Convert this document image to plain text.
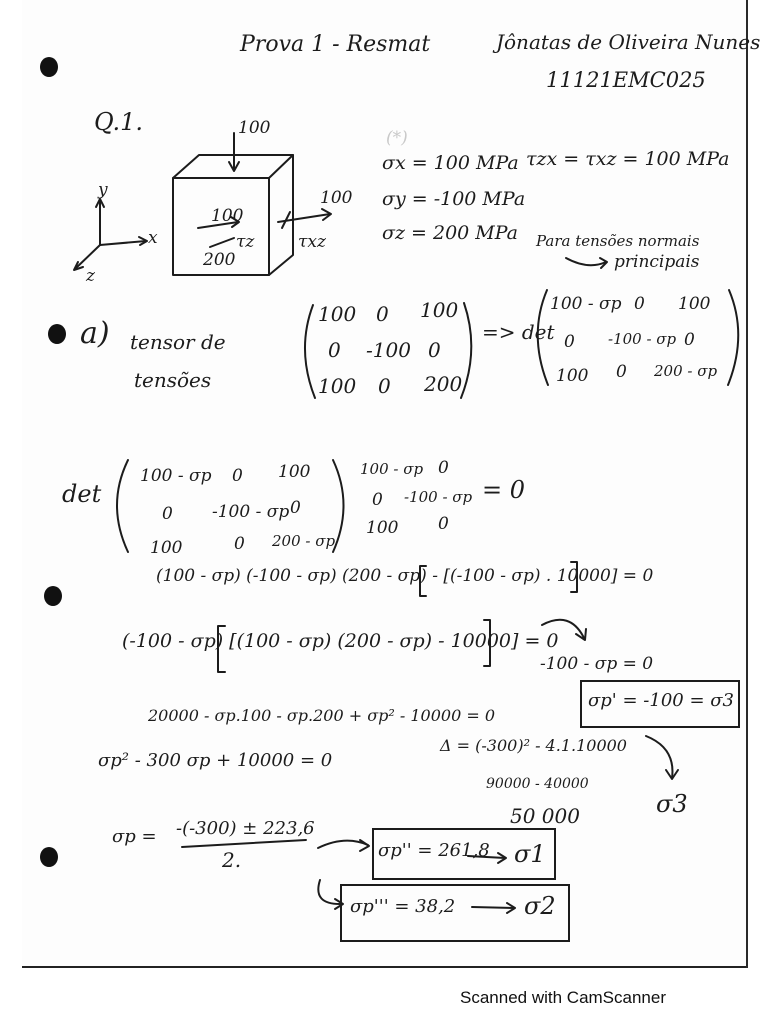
Prova 1 - Resmat	Jônatas de Oliveira Nunes
11121EMC025
Q.1.	100
100
100
200
τz	τxz
y
x
z
(*)
σx = 100 MPa
σy = -100 MPa
σz = 200 MPa
τzx = τxz = 100 MPa
Para tensões normais
principais
a) tensor de
tensões
100 0 100
0 -100 0
100 0 200
=> det
100 - σp 0 100
0 -100 - σp 0
100 0 200 - σp
det
100 - σp 0 100
0 -100 - σp 0
100	0 200 - σp
100 - σp 0
0 -100 - σp
100 0
= 0
(100 - σp) (-100 - σp) (200 - σp) - [(-100 - σp) . 10000] = 0
(-100 - σp) [(100 - σp) (200 - σp) - 10000] = 0
-100 - σp = 0
σp' = -100 = σ3
20000 - σp.100 - σp.200 + σp² - 10000 = 0
σp² - 300 σp + 10000 = 0
Δ = (-300)² - 4.1.10000
90000 - 40000
50 000	σ3
σp = -(-300) ± 223,6
2.	σp'' = 261,8 σ1
σp''' = 38,2	σ2
Scanned with CamScanner
